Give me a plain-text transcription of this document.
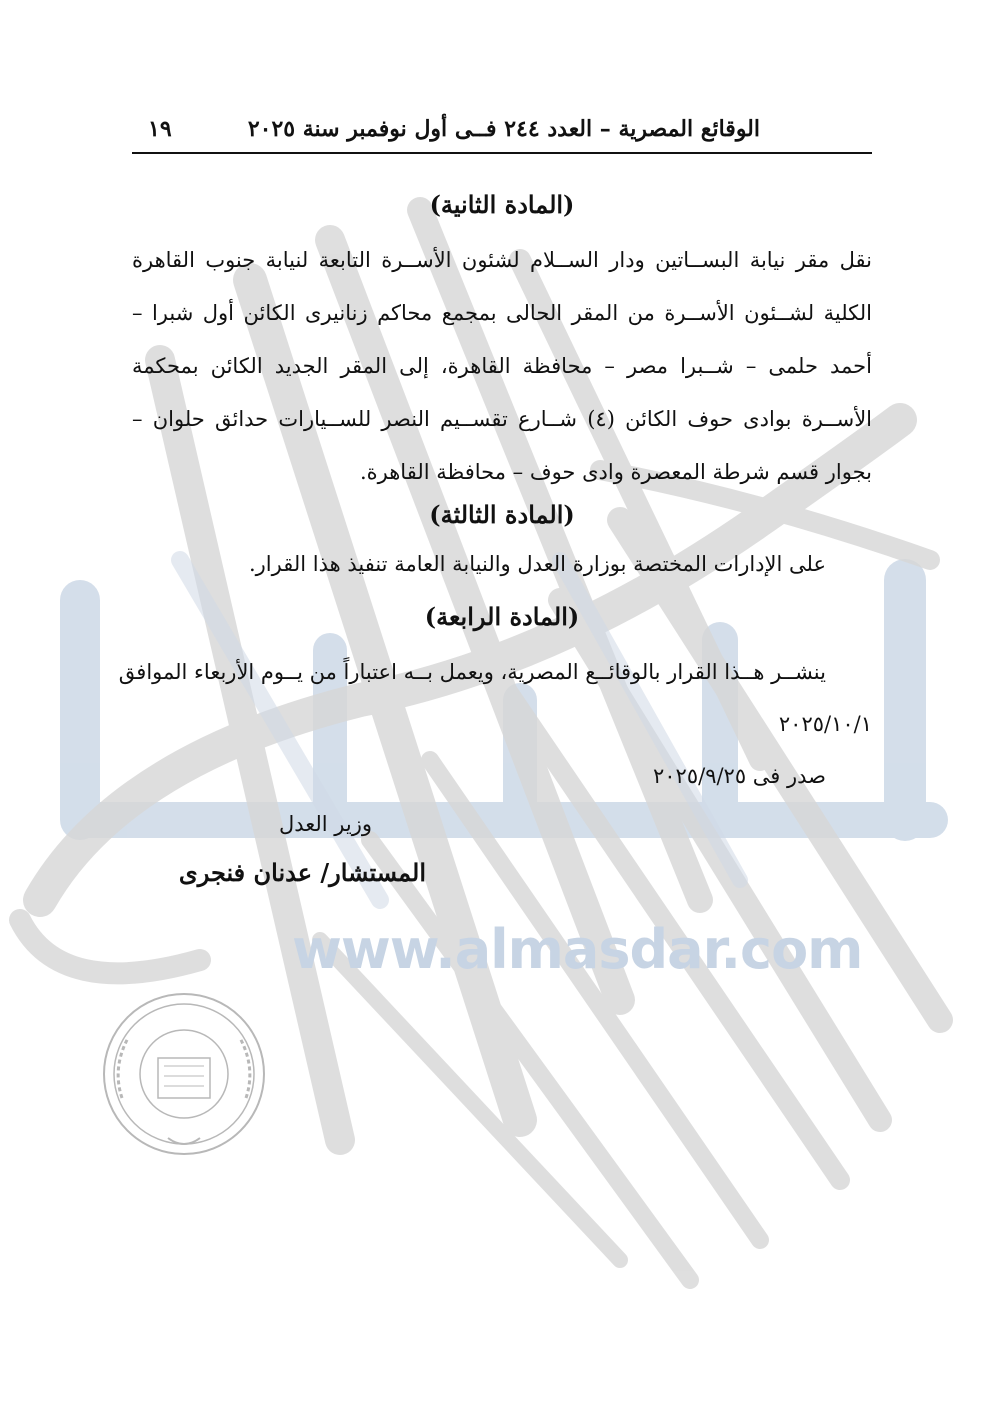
www.almasdar.com
الوقائع المصرية – العدد ٢٤٤ فــى أول نوفمبر سنة ٢٠٢٥
١٩
(المادة الثانية)
نقل مقر نيابة البســاتين ودار الســلام لشئون الأســرة التابعة لنيابة جنوب القاهرة الكلية لشــئون الأســرة من المقر الحالى بمجمع محاكم زنانيرى الكائن أول شبرا – أحمد حلمى – شــبرا مصر – محافظة القاهرة، إلى المقر الجديد الكائن بمحكمة الأســرة بوادى حوف الكائن (٤) شــارع تقســيم النصر للســيارات حدائق حلوان – بجوار قسم شرطة المعصرة وادى حوف – محافظة القاهرة.
(المادة الثالثة)
على الإدارات المختصة بوزارة العدل والنيابة العامة تنفيذ هذا القرار.
(المادة الرابعة)
ينشــر هــذا القرار بالوقائــع المصرية، ويعمل بــه اعتباراً من يــوم الأربعاء الموافق
٢٠٢٥/١٠/١
صدر فى ٢٠٢٥/٩/٢٥
وزير العدل
المستشار/ عدنان فنجرى
